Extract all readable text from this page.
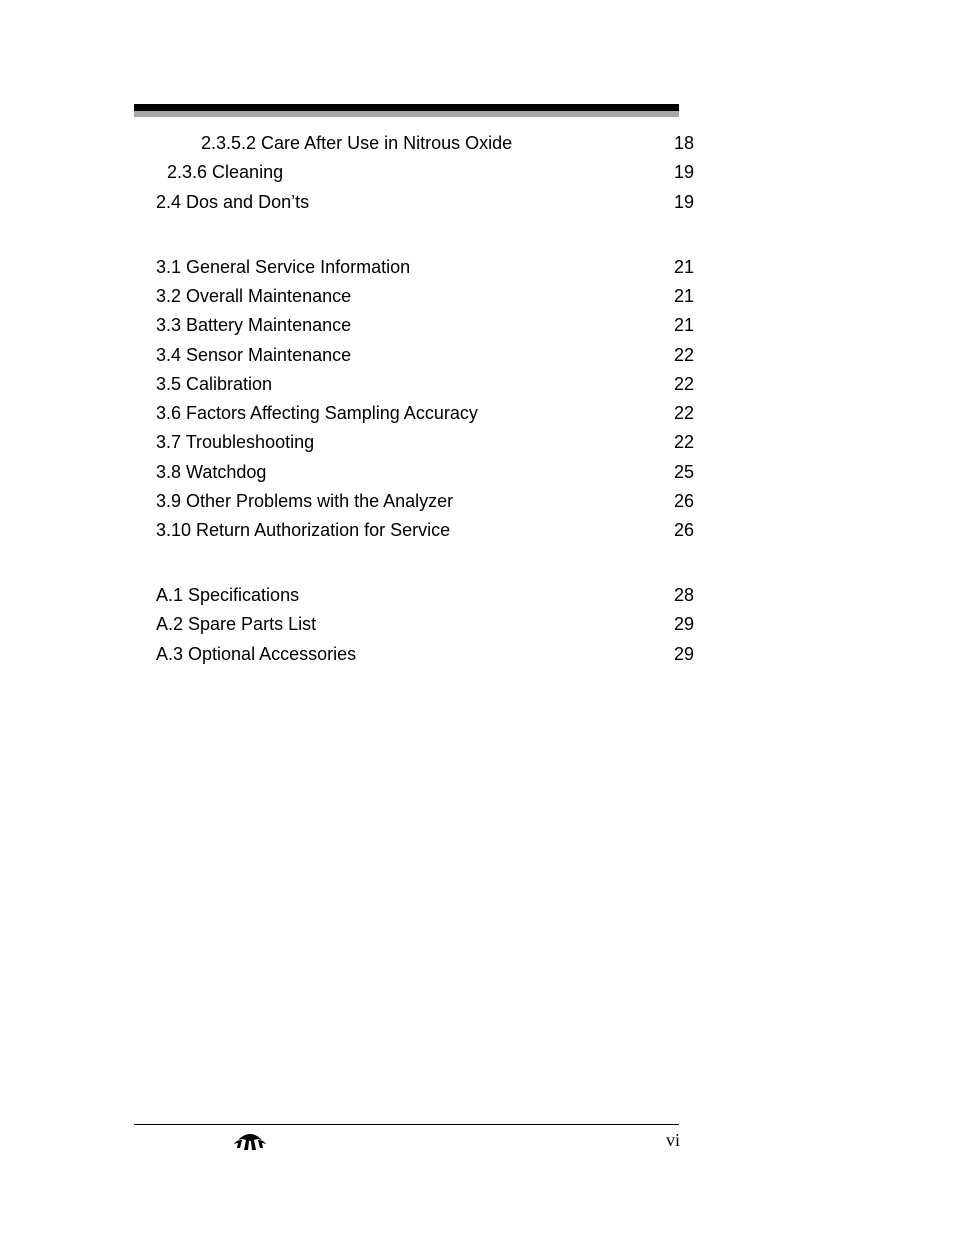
2.3.5.2 Care After Use in Nitrous Oxide	18
2.3.6 Cleaning	19
2.4 Dos and Don’ts	19
3.1 General Service Information	21
3.2 Overall Maintenance	21
3.3 Battery Maintenance	21
3.4 Sensor Maintenance	22
3.5 Calibration	22
3.6 Factors Affecting Sampling Accuracy	22
3.7 Troubleshooting	22
3.8 Watchdog	25
3.9 Other Problems with the Analyzer	26
3.10 Return Authorization for Service	26
A.1 Specifications	28
A.2 Spare Parts List	29
A.3 Optional Accessories	29
vi
